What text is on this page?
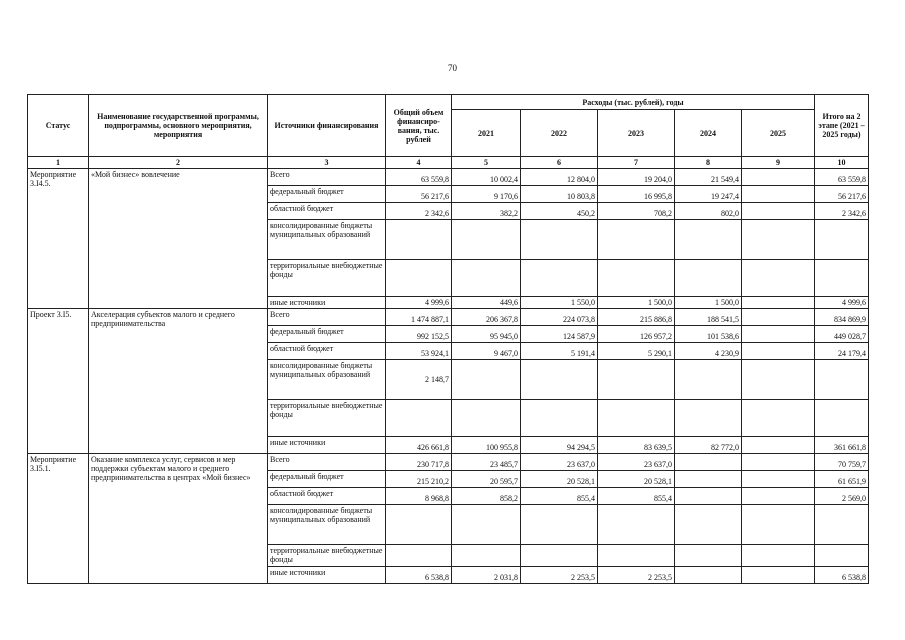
70
Статус	Наименование государственной программы, подпрограммы, основного мероприятия, мероприятия	Источники финансирования	Общий объем финансиро-вания, тыс. рублей	Расходы (тыс. рублей), годы					Итого на 2 этапе (2021 – 2025 годы)
				2021	2022	2023	2024	2025	
1	2	3	4	5	6	7	8	9	10
Мероприятие 3.I4.5.	«Мой бизнес» вовлечение	Всего	63 559,8	10 002,4	12 804,0	19 204,0	21 549,4		63 559,8
		федеральный бюджет	56 217,6	9 170,6	10 803,8	16 995,8	19 247,4		56 217,6
		областной бюджет	2 342,6	382,2	450,2	708,2	802,0		2 342,6
		консолидированные бюджеты муниципальных образований							
		территориальные внебюджетные фонды							
		иные источники	4 999,6	449,6	1 550,0	1 500,0	1 500,0		4 999,6
Проект 3.I5.	Акселерация субъектов малого и среднего предпринимательства	Всего	1 474 887,1	206 367,8	224 073,8	215 886,8	188 541,5		834 869,9
		федеральный бюджет	992 152,5	95 945,0	124 587,9	126 957,2	101 538,6		449 028,7
		областной бюджет	53 924,1	9 467,0	5 191,4	5 290,1	4 230,9		24 179,4
		консолидированные бюджеты муниципальных образований	2 148,7						
		территориальные внебюджетные фонды							
		иные источники	426 661,8	100 955,8	94 294,5	83 639,5	82 772,0		361 661,8
Мероприятие 3.I5.1.	Оказание комплекса услуг, сервисов и мер поддержки субъектам малого и среднего предпринимательства в центрах «Мой бизнес»	Всего	230 717,8	23 485,7	23 637,0	23 637,0			70 759,7
		федеральный бюджет	215 210,2	20 595,7	20 528,1	20 528,1			61 651,9
		областной бюджет	8 968,8	858,2	855,4	855,4			2 569,0
		консолидированные бюджеты муниципальных образований							
		территориальные внебюджетные фонды							
		иные источники	6 538,8	2 031,8	2 253,5	2 253,5			6 538,8
